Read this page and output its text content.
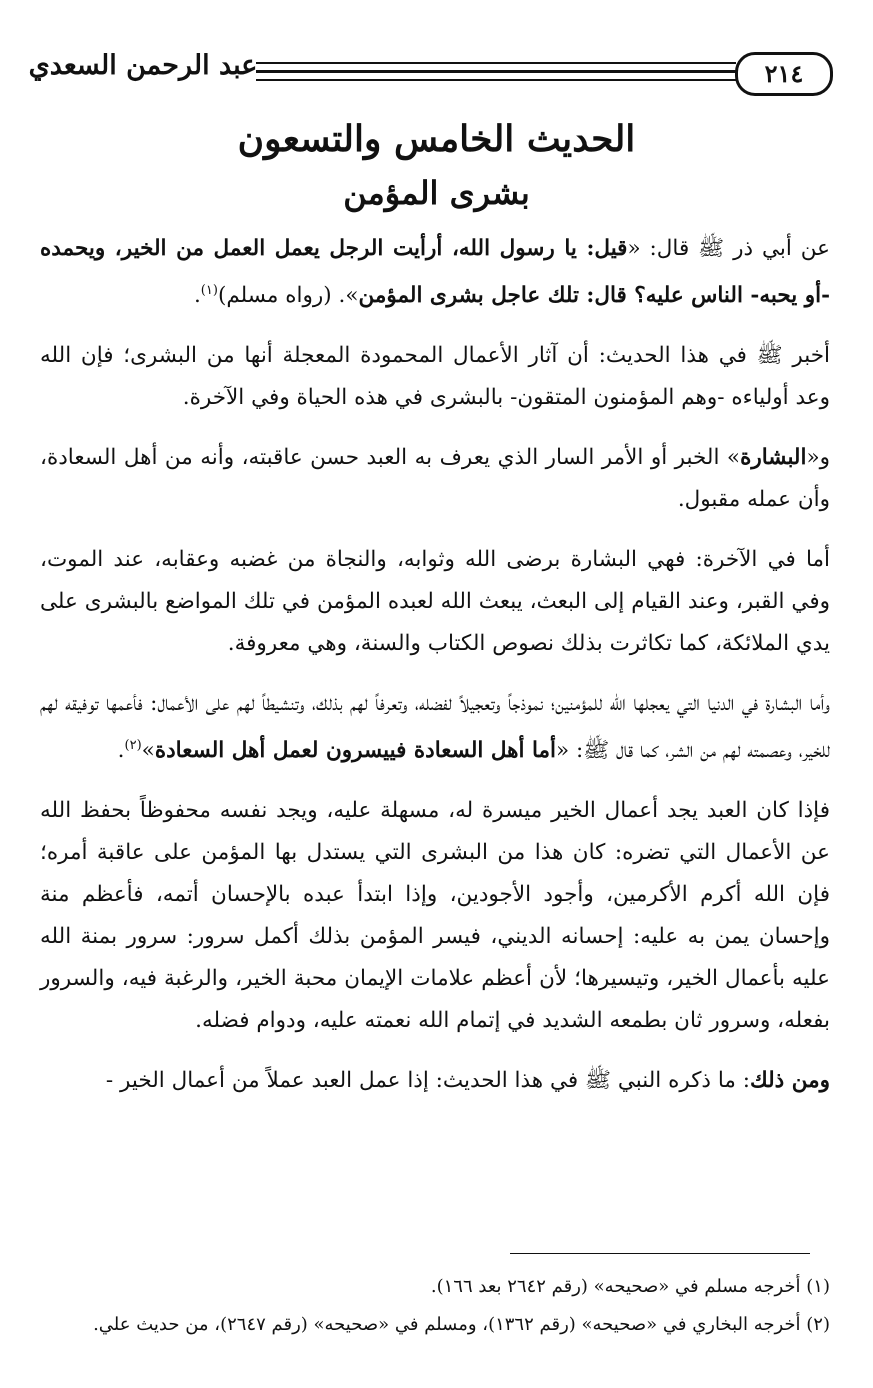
عبد الرحمن السعدي	٢١٤
الحديث الخامس والتسعون
بشرى المؤمن

عن أبي ذر ﷺ قال: «قيل: يا رسول الله، أرأيت الرجل يعمل العمل من الخير، ويحمده -أو يحبه- الناس عليه؟ قال: تلك عاجل بشرى المؤمن». (رواه مسلم)$^{(١)}$.

أخبر ﷺ في هذا الحديث: أن آثار الأعمال المحمودة المعجلة أنها من البشرى؛ فإن الله وعد أولياءه -وهم المؤمنون المتقون- بالبشرى في هذه الحياة وفي الآخرة.

و«البشارة» الخبر أو الأمر السار الذي يعرف به العبد حسن عاقبته، وأنه من أهل السعادة، وأن عمله مقبول.

أما في الآخرة: فهي البشارة برضى الله وثوابه، والنجاة من غضبه وعقابه، عند الموت، وفي القبر، وعند القيام إلى البعث، يبعث الله لعبده المؤمن في تلك المواضع بالبشرى على يدي الملائكة، كما تكاثرت بذلك نصوص الكتاب والسنة، وهي معروفة.

وأما البشارة في الدنيا التي يعجلها الله للمؤمنين؛ نموذجاً وتعجيلاً لفضله، وتعرفاً لهم بذلك، وتنشيطاً لهم على الأعمال: فأعمها توفيقه لهم للخير، وعصمته لهم من الشر، كما قال ﷺ: «أما أهل السعادة فييسرون لعمل أهل السعادة»$^{(٢)}$.

فإذا كان العبد يجد أعمال الخير ميسرة له، مسهلة عليه، ويجد نفسه محفوظاً بحفظ الله عن الأعمال التي تضره: كان هذا من البشرى التي يستدل بها المؤمن على عاقبة أمره؛ فإن الله أكرم الأكرمين، وأجود الأجودين، وإذا ابتدأ عبده بالإحسان أتمه، فأعظم منة وإحسان يمن به عليه: إحسانه الديني، فيسر المؤمن بذلك أكمل سرور: سرور بمنة الله عليه بأعمال الخير، وتيسيرها؛ لأن أعظم علامات الإيمان محبة الخير، والرغبة فيه، والسرور بفعله، وسرور ثان بطمعه الشديد في إتمام الله نعمته عليه، ودوام فضله.

ومن ذلك: ما ذكره النبي ﷺ في هذا الحديث: إذا عمل العبد عملاً من أعمال الخير -

(١) أخرجه مسلم في «صحيحه» (رقم ٢٦٤٢ بعد ١٦٦).
(٢) أخرجه البخاري في «صحيحه» (رقم ١٣٦٢)، ومسلم في «صحيحه» (رقم ٢٦٤٧)، من حديث علي.
